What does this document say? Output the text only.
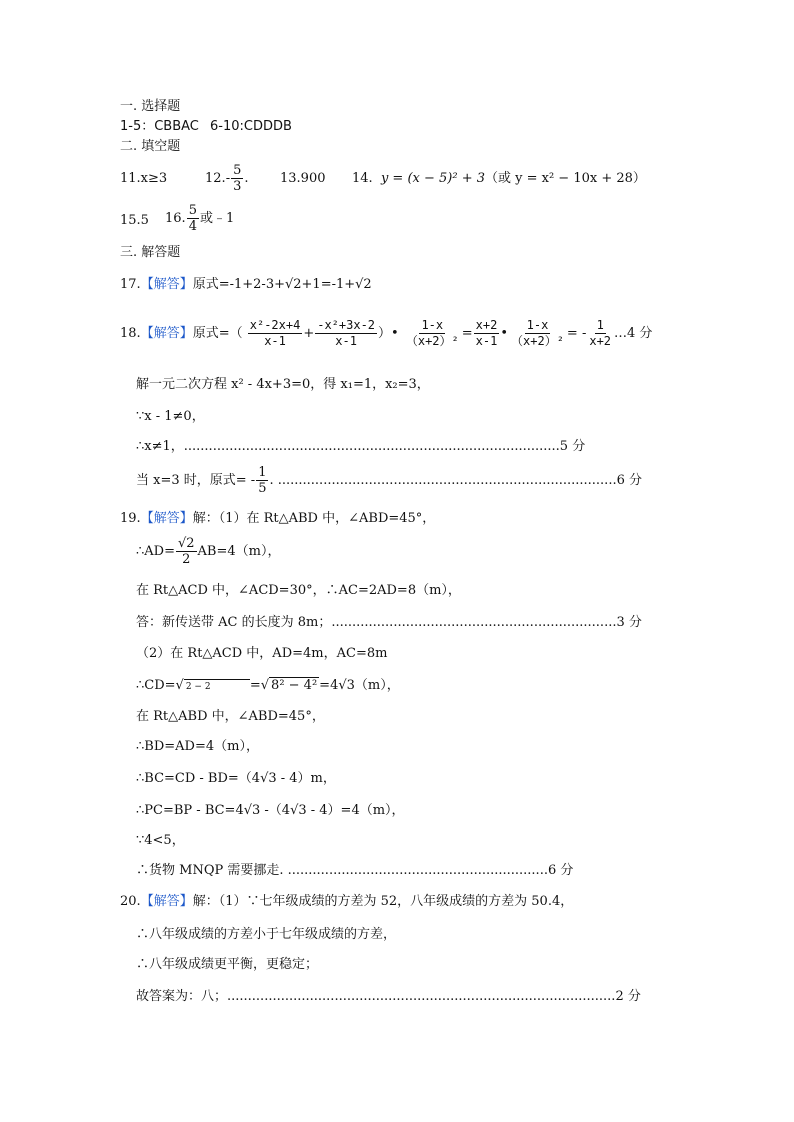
一. 选择题
1-5：CBBAC 6-10:CDDDB
二. 填空题
11.x≥3	$12.- \frac{5}{3}$ . 13.900 14. y = (x − 5)² + 3（或 y = x² − 10x + 28）
15.5 16. $\frac{5}{4}$ 或﹣1
三. 解答题
17.【解答】原式=-1+2-3+√2+1=-1+√2
18.【解答】原式=（ $\frac{\text{x²-2x+4}}{x-1} + \frac{\text{-x²+3x-2}}{x-1}$ ）• $\frac{1-x}{\text{（x+2）²}} = \frac{x+2}{x-1}$ • $\frac{1-x}{\text{（x+2）²}}$ = - $\frac{1}{x+2}$ …4 分
解一元二次方程 x² - 4x+3=0，得 x₁=1，x₂=3，
∵x - 1≠0，
∴x≠1，...........................................................................................5 分
当 x=3 时，原式= - $\frac{1}{5}$ . ..................................................................................6 分
19.【解答】解：（1）在 Rt△ABD 中，∠ABD=45°，
∴AD= $\frac{√2}{2} AB=4(m)$，
在 Rt△ACD 中，∠ACD=30°，∴AC=2AD=8（m），
答：新传送带 AC 的长度为 8m；.....................................................................3 分
（2）在 Rt△ACD 中，AD=4m，AC=8m
∴CD=√2 − 2	=√ 8² − 4² =4√3（m），
在 Rt△ABD 中，∠ABD=45°，
∴BD=AD=4（m），
∴BC=CD - BD=（4√3 - 4）m，
∴PC=BP - BC=4√3 -（4√3 - 4）=4（m），
∵4<5，
∴货物 MNQP 需要挪走. ...............................................................6 分
20.【解答】解：（1）∵七年级成绩的方差为 52，八年级成绩的方差为 50.4，
∴八年级成绩的方差小于七年级成绩的方差，
∴八年级成绩更平衡，更稳定；
故答案为：八；..............................................................................................2 分
